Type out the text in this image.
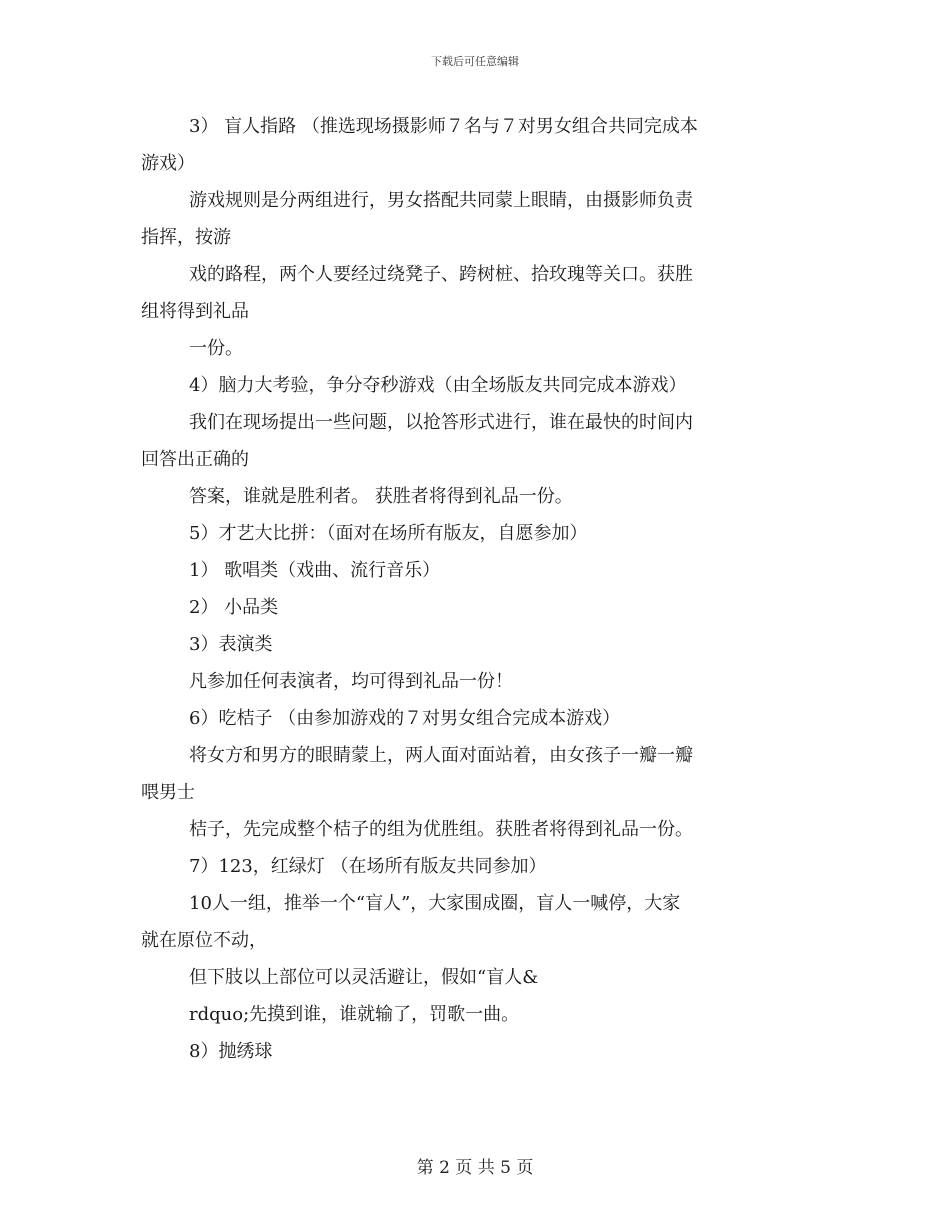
下载后可任意编辑

3） 盲人指路 （推选现场摄影师７名与７对男女组合共同完成本

游戏）

游戏规则是分两组进行，男女搭配共同蒙上眼睛，由摄影师负责

指挥，按游

戏的路程，两个人要经过绕凳子、跨树桩、拾玫瑰等关口。获胜

组将得到礼品

一份。

4）脑力大考验，争分夺秒游戏（由全场版友共同完成本游戏）

我们在现场提出一些问题，以抢答形式进行，谁在最快的时间内

回答出正确的

答案，谁就是胜利者。 获胜者将得到礼品一份。

5）才艺大比拼：（面对在场所有版友，自愿参加）

1） 歌唱类（戏曲、流行音乐）

2） 小品类

3）表演类

凡参加任何表演者，均可得到礼品一份！

6）吃桔子 （由参加游戏的７对男女组合完成本游戏）

将女方和男方的眼睛蒙上，两人面对面站着，由女孩子一瓣一瓣

喂男士

桔子，先完成整个桔子的组为优胜组。获胜者将得到礼品一份。

7）123，红绿灯 （在场所有版友共同参加）

10人一组，推举一个“盲人”，大家围成圈，盲人一喊停，大家

就在原位不动，

但下肢以上部位可以灵活避让，假如“盲人&

rdquo;先摸到谁，谁就输了，罚歌一曲。

8）抛绣球

第 2 页 共 5 页
